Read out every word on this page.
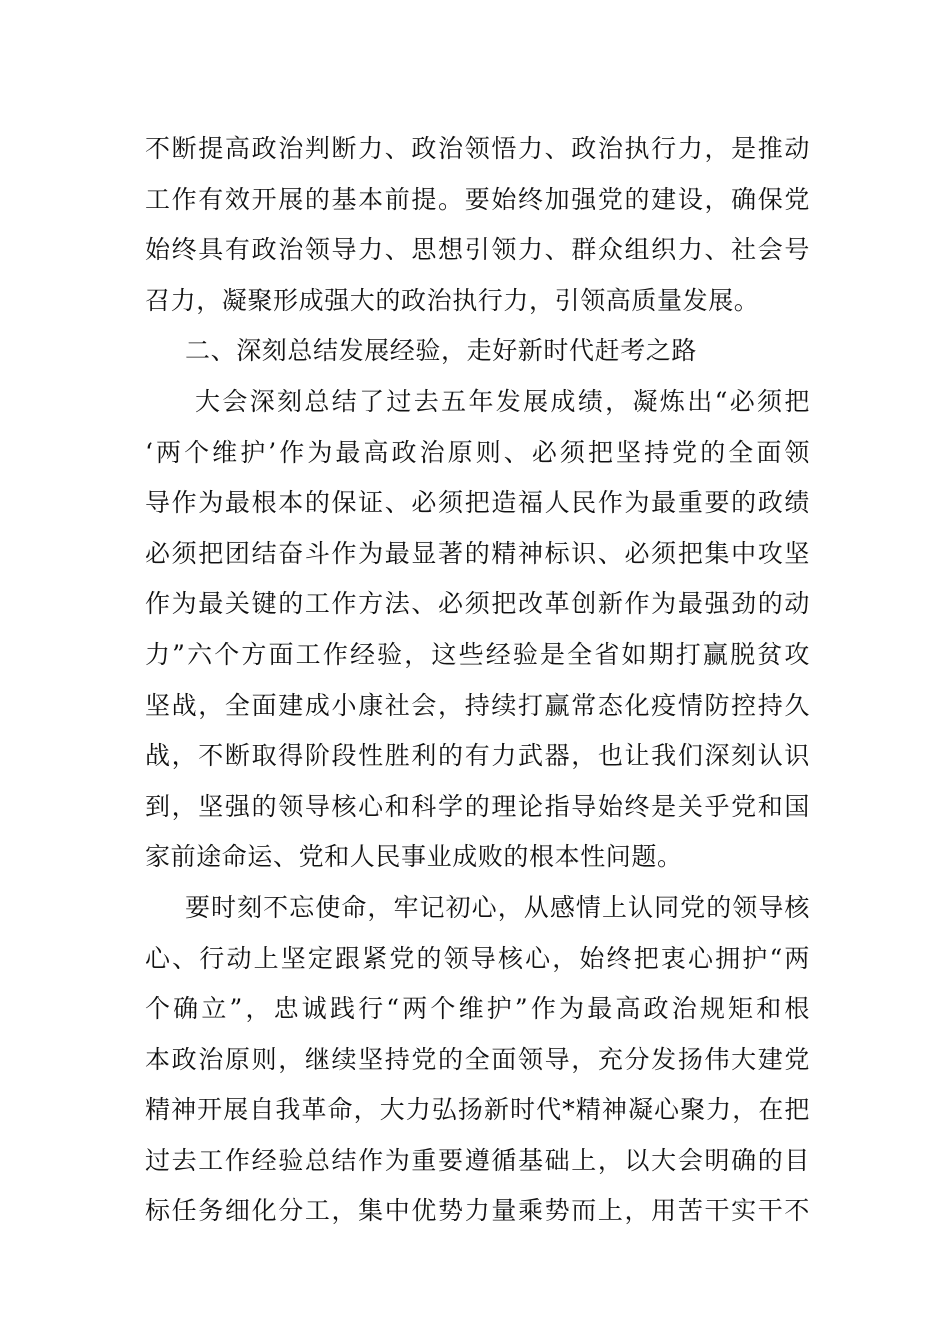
不断提高政治判断力、政治领悟力、政治执行力，是推动
工作有效开展的基本前提。要始终加强党的建设，确保党
始终具有政治领导力、思想引领力、群众组织力、社会号
召力，凝聚形成强大的政治执行力，引领高质量发展。
二、深刻总结发展经验，走好新时代赶考之路
大会深刻总结了过去五年发展成绩，凝炼出“必须把
‘两个维护’作为最高政治原则、必须把坚持党的全面领
导作为最根本的保证、必须把造福人民作为最重要的政绩
必须把团结奋斗作为最显著的精神标识、必须把集中攻坚
作为最关键的工作方法、必须把改革创新作为最强劲的动
力”六个方面工作经验，这些经验是全省如期打赢脱贫攻
坚战，全面建成小康社会，持续打赢常态化疫情防控持久
战，不断取得阶段性胜利的有力武器，也让我们深刻认识
到，坚强的领导核心和科学的理论指导始终是关乎党和国
家前途命运、党和人民事业成败的根本性问题。
要时刻不忘使命，牢记初心，从感情上认同党的领导核
心、行动上坚定跟紧党的领导核心，始终把衷心拥护“两
个确立”，忠诚践行“两个维护”作为最高政治规矩和根
本政治原则，继续坚持党的全面领导，充分发扬伟大建党
精神开展自我革命，大力弘扬新时代*精神凝心聚力，在把
过去工作经验总结作为重要遵循基础上，以大会明确的目
标任务细化分工，集中优势力量乘势而上，用苦干实干不
